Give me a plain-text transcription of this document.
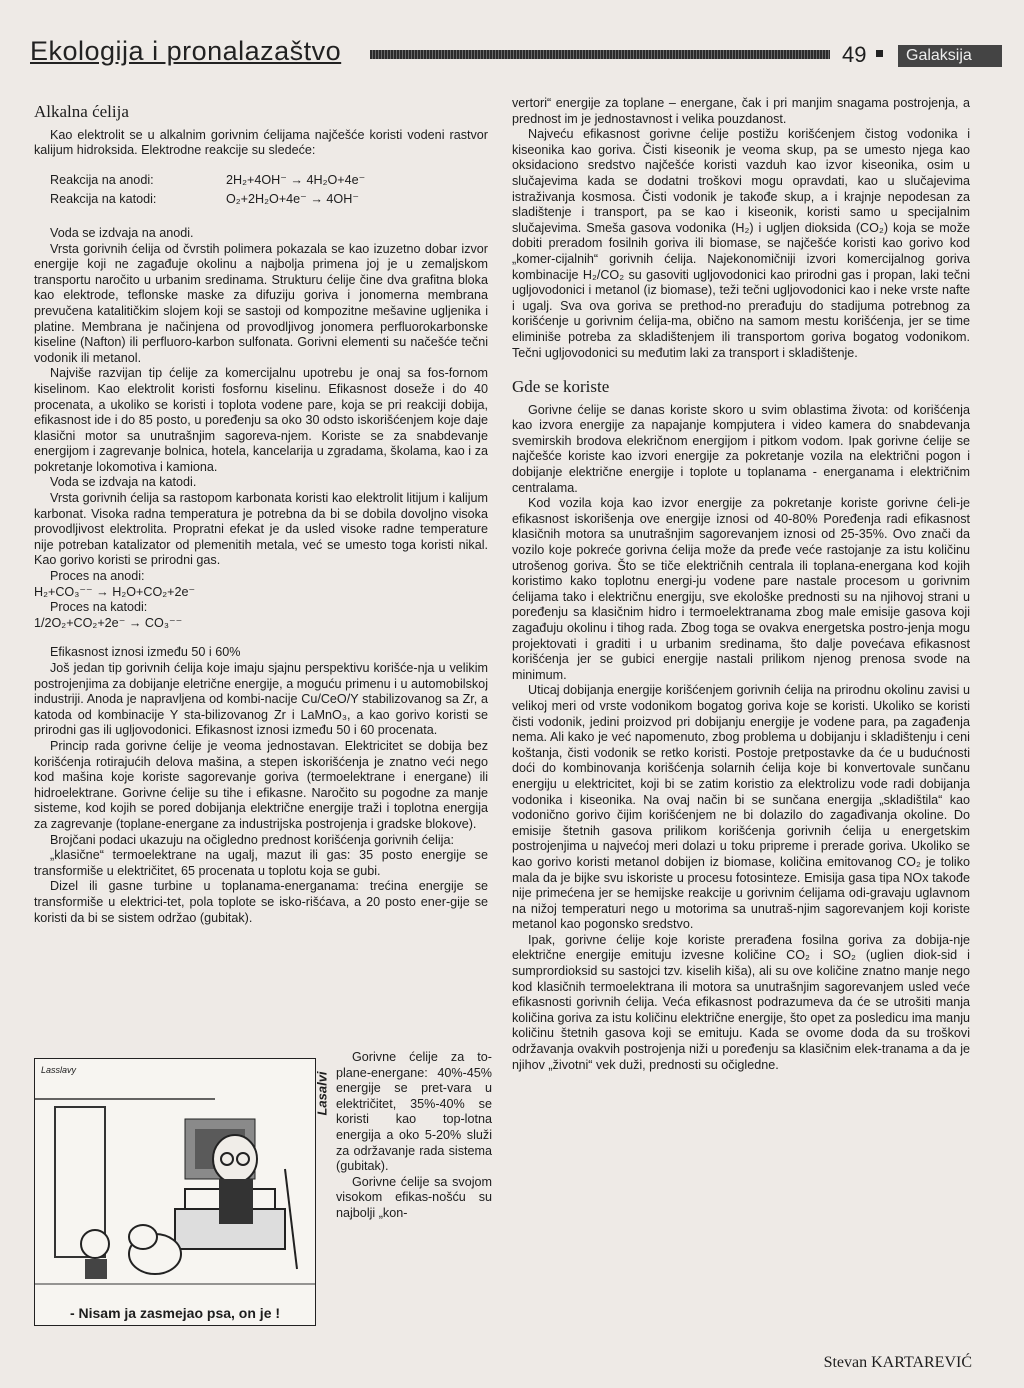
Ekologija i pronalazaštvo	49	Galaksija
Alkalna ćelija

Kao elektrolit se u alkalnim gorivnim ćelijama najčešće koristi vodeni rastvor kalijum hidroksida. Elektrodne reakcije su sledeće:

Reakcija na anodi:	2H₂+4OH⁻ → 4H₂O+4e⁻
Reakcija na katodi:	O₂+2H₂O+4e⁻ → 4OH⁻

Voda se izdvaja na anodi.

Vrsta gorivnih ćelija od čvrstih polimera pokazala se kao izuzetno dobar izvor energije koji ne zagađuje okolinu a najbolja primena joj je u zemaljskom transportu naročito u urbanim sredinama. Strukturu ćelije čine dva grafitna bloka kao elektrode, teflonske maske za difuziju goriva i jonomerna membrana prevučena katalitičkim slojem koji se sastoji od kompozitne mešavine ugljenika i platine. Membrana je načinjena od provodljivog jonomera perfluorokarbonske kiseline (Nafton) ili perfluoro-karbon sulfonata. Gorivni elementi su načešće tečni vodonik ili metanol.

Najviše razvijan tip ćelije za komercijalnu upotrebu je onaj sa fos-fornom kiselinom. Kao elektrolit koristi fosfornu kiselinu. Efikasnost doseže i do 40 procenata, a ukoliko se koristi i toplota vodene pare, koja se pri reakciji dobija, efikasnost ide i do 85 posto, u poređenju sa oko 30 odsto iskorišćenjem koje daje klasični motor sa unutrašnjim sagoreva-njem. Koriste se za snabdevanje energijom i zagrevanje bolnica, hotela, kancelarija u zgradama, školama, kao i za pokretanje lokomotiva i kamiona.

Voda se izdvaja na katodi.

Vrsta gorivnih ćelija sa rastopom karbonata koristi kao elektrolit litijum i kalijum karbonat. Visoka radna temperatura je potrebna da bi se dobila dovoljno visoka provodljivost elektrolita. Propratni efekat je da usled visoke radne temperature nije potreban katalizator od plemenitih metala, već se umesto toga koristi nikal. Kao gorivo koristi se prirodni gas.

Proces na anodi:

H₂+CO₃⁻⁻ → H₂O+CO₂+2e⁻

Proces na katodi:

1/2O₂+CO₂+2e⁻ → CO₃⁻⁻

Efikasnost iznosi između 50 i 60%

Još jedan tip gorivnih ćelija koje imaju sjajnu perspektivu korišće-nja u velikim postrojenjima za dobijanje eletrične energije, a moguću primenu i u automobilskoj industriji. Anoda je napravljena od kombi-nacije Cu/CeO/Y stabilizovanog sa Zr, a katoda od kombinacije Y sta-bilizovanog Zr i LaMnO₃, a kao gorivo koristi se prirodni gas ili ugljovodonici. Efikasnost iznosi između 50 i 60 procenata.

Princip rada gorivne ćelije je veoma jednostavan. Elektricitet se dobija bez korišćenja rotirajućih delova mašina, a stepen iskorišćenja je znatno veći nego kod mašina koje koriste sagorevanje goriva (termoelektrane i energane) ili hidroelektrane. Gorivne ćelije su tihe i efikasne. Naročito su pogodne za manje sisteme, kod kojih se pored dobijanja električne energije traži i toplotna energija za zagrevanje (toplane-energane za industrijska postrojenja i gradske blokove).

Brojčani podaci ukazuju na očigledno prednost korišćenja gorivnih ćelija:

„klasične“ termoelektrane na ugalj, mazut ili gas: 35 posto energije se transformiše u električitet, 65 procenata u toplotu koja se gubi.

Dizel ili gasne turbine u toplanama-energanama: trećina energije se transformiše u elektrici-tet, pola toplote se isko-rišćava, a 20 posto ener-gije se koristi da bi se sistem održao (gubitak).

Lasslavy
- Nisam ja zasmejao psa, on je !
Lasalvi

Gorivne ćelije za to-plane-energane: 40%-45% energije se pret-vara u električitet, 35%-40% se koristi kao top-lotna energija a oko 5-20% služi za održavanje rada sistema (gubitak).

Gorivne ćelije sa svojom visokom efikas-nošću su najbolji „kon-

vertori“ energije za toplane – energane, čak i pri manjim snagama postrojenja, a prednost im je jednostavnost i velika pouzdanost.

Najveću efikasnost gorivne ćelije postižu korišćenjem čistog vodonika i kiseonika kao goriva. Čisti kiseonik je veoma skup, pa se umesto njega kao oksidaciono sredstvo najčešće koristi vazduh kao izvor kiseonika, osim u slučajevima kada se dodatni troškovi mogu opravdati, kao u slučajevima istraživanja kosmosa. Čisti vodonik je takođe skup, a i krajnje nepodesan za sladištenje i transport, pa se kao i kiseonik, koristi samo u specijalnim slučajevima. Smeša gasova vodonika (H₂) i ugljen dioksida (CO₂) koja se može dobiti preradom fosilnih goriva ili biomase, se najčešće koristi kao gorivo kod „komer-cijalnih“ gorivnih ćelija. Najekonomičniji izvori komercijalnog goriva kombinacije H₂/CO₂ su gasoviti ugljovodonici kao prirodni gas i propan, laki tečni ugljovodonici i metanol (iz biomase), teži tečni ugljovodonici kao i neke vrste nafte i ugalj. Sva ova goriva se prethod-no prerađuju do stadijuma potrebnog za korišćenje u gorivnim ćelija-ma, obično na samom mestu korišćenja, jer se time eliminiše potreba za skladištenjem ili transportom goriva bogatog vodonikom. Tečni ugljovodonici su međutim laki za transport i skladištenje.

Gde se koriste

Gorivne ćelije se danas koriste skoro u svim oblastima života: od korišćenja kao izvora energije za napajanje kompjutera i video kamera do snabdevanja svemirskih brodova elekričnom energijom i pitkom vodom. Ipak gorivne ćelije se najčešće koriste kao izvori energije za pokretanje vozila na električni pogon i dobijanje električne energije i toplote u toplanama - energanama i električnim centralama.

Kod vozila koja kao izvor energije za pokretanje koriste gorivne ćeli-je efikasnost iskorišenja ove energije iznosi od 40-80% Poređenja radi efikasnost klasičnih motora sa unutrašnjim sagorevanjem iznosi od 25-35%. Ovo znači da vozilo koje pokreće gorivna ćelija može da pređe veće rastojanje za istu količinu utrošenog goriva. Što se tiče električnih centrala ili toplana-energana kod kojih koristimo kako toplotnu energi-ju vodene pare nastale procesom u gorivnim ćelijama tako i električnu energiju, sve ekološke prednosti su na njihovoj strani u poređenju sa klasičnim hidro i termoelektranama zbog male emisije gasova koji zagađuju okolinu i tihog rada. Zbog toga se ovakva energetska postro-jenja mogu projektovati i graditi i u urbanim sredinama, što dalje povećava efikasnost korišćenja jer se gubici energije nastali prilikom njenog prenosa svode na minimum.

Uticaj dobijanja energije korišćenjem gorivnih ćelija na prirodnu okolinu zavisi u velikoj meri od vrste vodonikom bogatog goriva koje se koristi. Ukoliko se koristi čisti vodonik, jedini proizvod pri dobijanju energije je vodene para, pa zagađenja nema. Ali kako je već napomenuto, zbog problema u dobijanju i skladištenju i ceni koštanja, čisti vodonik se retko koristi. Postoje pretpostavke da će u budućnosti doći do kombinovanja korišćenja solarnih ćelija koje bi konvertovale sunčanu energiju u elektricitet, koji bi se zatim koristio za elektrolizu vode radi dobijanja vodonika i kiseonika. Na ovaj način bi se sunčana energija „skladištila“ kao vodonično gorivo čijim korišćenjem ne bi dolazilo do zagađivanja okoline. Do emisije štetnih gasova prilikom korišćenja gorivnih ćelija u energetskim postrojenjima u najvećoj meri dolazi u toku pripreme i prerade goriva. Ukoliko se kao gorivo koristi metanol dobijen iz biomase, količina emitovanog CO₂ je toliko mala da je bijke svu iskoriste u procesu fotosinteze. Emisija gasa tipa NOx takođe nije primećena jer se hemijske reakcije u gorivnim ćelijama odi-gravaju uglavnom na nižoj temperaturi nego u motorima sa unutraš-njim sagorevanjem koji koriste metanol kao pogonsko sredstvo.

Ipak, gorivne ćelije koje koriste prerađena fosilna goriva za dobija-nje električne energije emituju izvesne količine CO₂ i SO₂ (uglien diok-sid i sumprordioksid su sastojci tzv. kiselih kiša), ali su ove količine znatno manje nego kod klasičnih termoelektrana ili motora sa unutrašnjim sagorevanjem usled veće efikasnosti gorivnih ćelija. Veća efikasnost podrazumeva da će se utrošiti manja količina goriva za istu količinu električne energije, što opet za posledicu ima manju količinu štetnih gasova koji se emituju. Kada se ovome doda da su troškovi održavanja ovakvih postrojenja niži u poređenju sa klasičnim elek-tranama a da je njihov „životni“ vek duži, prednosti su očigledne.

Stevan KARTAREVIĆ
